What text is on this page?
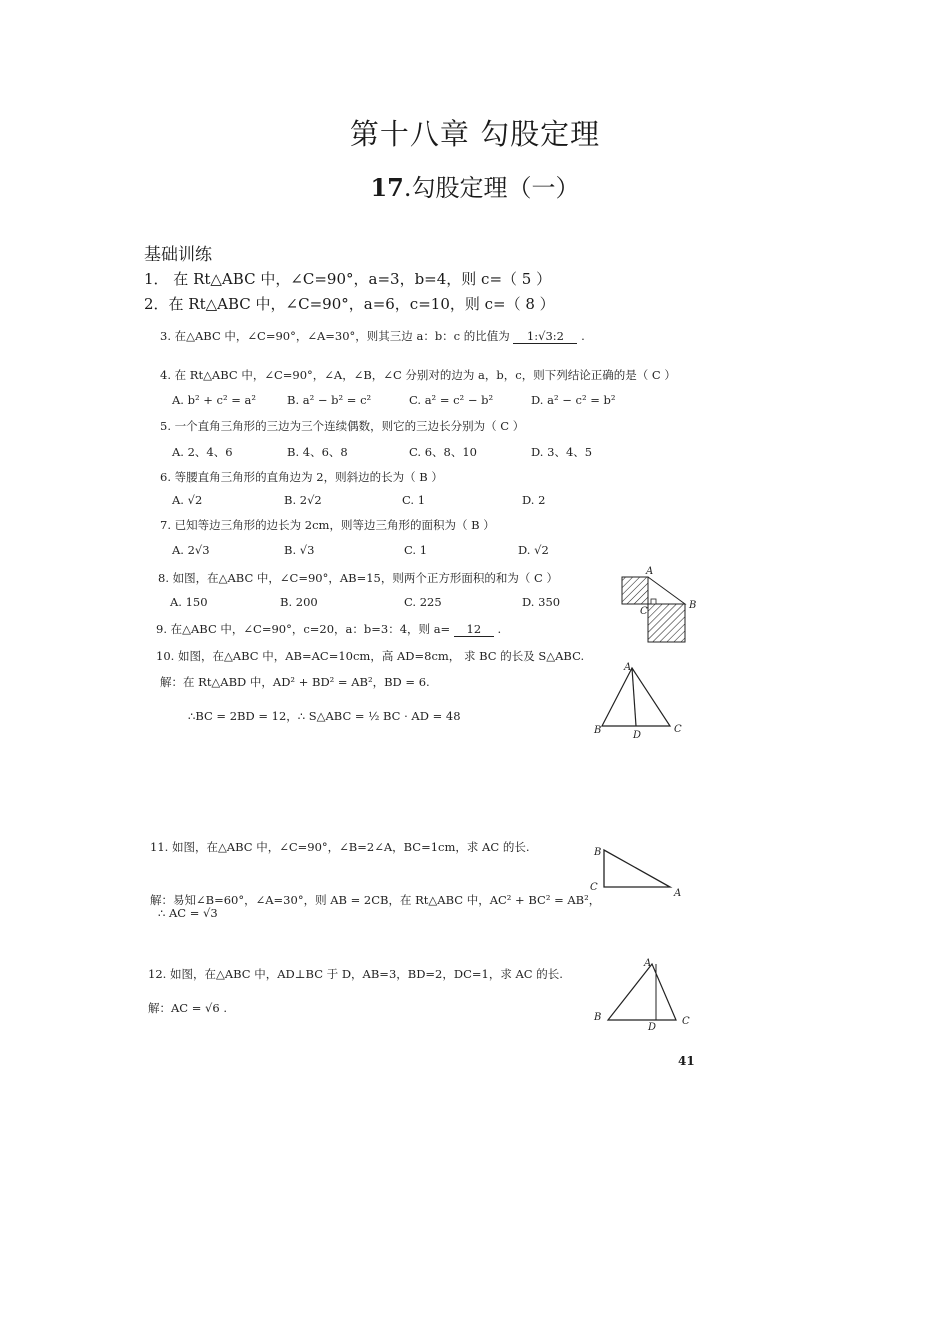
第十八章 勾股定理
17.勾股定理（一）
基础训练
1． 在 Rt△ABC 中，∠C=90°，a=3，b=4，则 c=（ 5 ）
2．在 Rt△ABC 中，∠C=90°，a=6，c=10，则 c=（ 8 ）
3. 在△ABC 中，∠C=90°，∠A=30°，则其三边 a：b：c 的比值为 1:√3:2 .
4. 在 Rt△ABC 中，∠C=90°，∠A，∠B，∠C 分别对的边为 a，b，c，则下列结论正确的是（ C ）
A. b² + c² = a²	B. a² − b² = c²	C. a² = c² − b²	D. a² − c² = b²
5. 一个直角三角形的三边为三个连续偶数，则它的三边长分别为（ C ）
A. 2、4、6	B. 4、6、8	C. 6、8、10	D. 3、4、5
6. 等腰直角三角形的直角边为 2，则斜边的长为（ B ）
A. √2	B. 2√2	C. 1	D. 2
7. 已知等边三角形的边长为 2cm，则等边三角形的面积为（ B ）
A. 2√3	B. √3	C. 1	D. √2
8. 如图，在△ABC 中，∠C=90°，AB=15，则两个正方形面积的和为（ C ）
A. 150	B. 200	C. 225	D. 350
9. 在△ABC 中，∠C=90°，c=20，a：b=3：4，则 a= 12 .
10. 如图，在△ABC 中，AB=AC=10cm，高 AD=8cm， 求 BC 的长及 S△ABC.
解：在 Rt△ABD 中，AD² + BD² = AB²，BD = 6.
∴BC = 2BD = 12，∴ S△ABC = ½ BC · AD = 48
11. 如图，在△ABC 中，∠C=90°，∠B=2∠A，BC=1cm，求 AC 的长.
解：易知∠B=60°，∠A=30°，则 AB = 2CB，在 Rt△ABC 中，AC² + BC² = AB²，
∴ AC = √3
12. 如图，在△ABC 中，AD⊥BC 于 D，AB=3，BD=2，DC=1，求 AC 的长.
解：AC = √6 .
A
B
C
A
B	C
D
B
C
A
A
B	C
D
41
